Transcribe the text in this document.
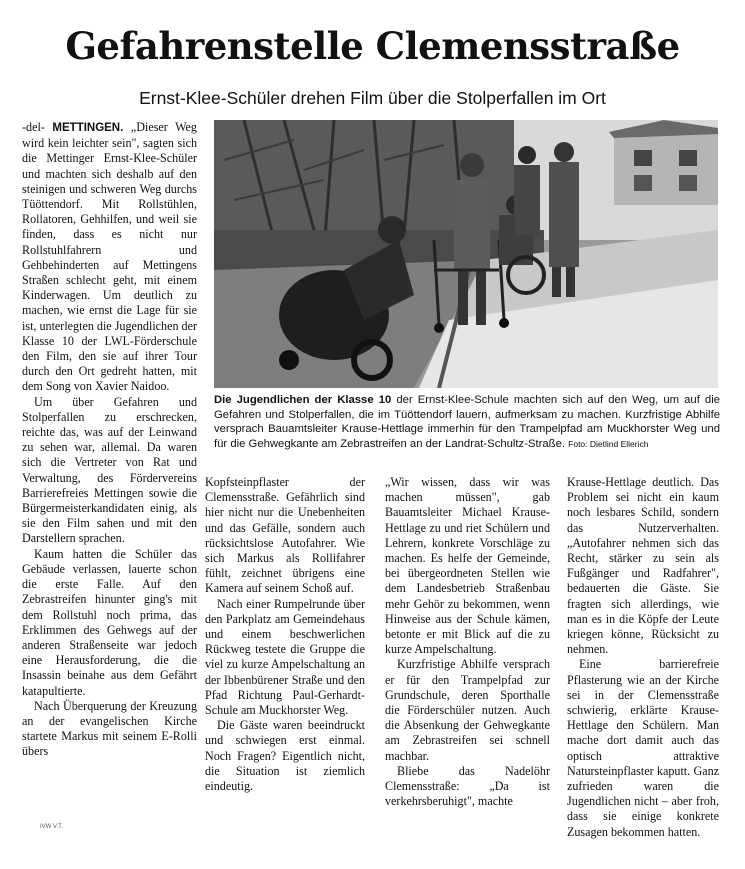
Gefahrenstelle Clemensstraße
Ernst-Klee-Schüler drehen Film über die Stolperfallen im Ort

-del- METTINGEN. „Dieser Weg wird kein leichter sein", sagten sich die Mettinger Ernst-Klee-Schüler und machten sich deshalb auf den steinigen und schweren Weg durchs Tüöttendorf. Mit Rollstühlen, Rollatoren, Gehhilfen, und weil sie finden, dass es nicht nur Rollstuhlfahrern und Gehbehinderten auf Mettingens Straßen schlecht geht, mit einem Kinderwagen. Um deutlich zu machen, wie ernst die Lage für sie ist, unterlegten die Jugendlichen der Klasse 10 der LWL-Förderschule den Film, den sie auf ihrer Tour durch den Ort gedreht hatten, mit dem Song von Xavier Naidoo.

Um über Gefahren und Stolperfallen zu erschrecken, reichte das, was auf der Leinwand zu sehen war, allemal. Da waren sich die Vertreter von Rat und Verwaltung, des Fördervereins Barrierefreies Mettingen sowie die Bürgermeisterkandidaten einig, als sie den Film sahen und mit den Darstellern sprachen.

Kaum hatten die Schüler das Gebäude verlassen, lauerte schon die erste Falle. Auf den Zebrastreifen hinunter ging's mit dem Rollstuhl noch prima, das Erklimmen des Gehwegs auf der anderen Straßenseite war jedoch eine Herausforderung, die die Insassin beinahe aus dem Gefährt katapultierte.

Nach Überquerung der Kreuzung an der evangelischen Kirche startete Markus mit seinem E-Rolli übers

Die Jugendlichen der Klasse 10 der Ernst-Klee-Schule machten sich auf den Weg, um auf die Gefahren und Stolperfallen, die im Tüöttendorf lauern, aufmerksam zu machen. Kurzfristige Abhilfe versprach Bauamtsleiter Krause-Hettlage immerhin für den Trampelpfad am Muckhorster Weg und für die Gehwegkante am Zebrastreifen an der Landrat-Schultz-Straße. Foto: Dietlind Ellerich

Kopfsteinpflaster der Clemensstraße. Gefährlich sind hier nicht nur die Unebenheiten und das Gefälle, sondern auch rücksichtslose Autofahrer. Wie sich Markus als Rollifahrer fühlt, zeichnet übrigens eine Kamera auf seinem Schoß auf.

Nach einer Rumpelrunde über den Parkplatz am Gemeindehaus und einem beschwerlichen Rückweg testete die Gruppe die viel zu kurze Ampelschaltung an der Ibbenbürener Straße und den Pfad Richtung Paul-Gerhardt-Schule am Muckhorster Weg.

Die Gäste waren beeindruckt und schwiegen erst einmal. Noch Fragen? Eigentlich nicht, die Situation ist ziemlich eindeutig.

„Wir wissen, dass wir was machen müssen", gab Bauamtsleiter Michael Krause-Hettlage zu und riet Schülern und Lehrern, konkrete Vorschläge zu machen. Es helfe der Gemeinde, bei übergeordneten Stellen wie dem Landesbetrieb Straßenbau mehr Gehör zu bekommen, wenn Hinweise aus der Schule kämen, betonte er mit Blick auf die zu kurze Ampelschaltung.

Kurzfristige Abhilfe versprach er für den Trampelpfad zur Grundschule, deren Sporthalle die Förderschüler nutzen. Auch die Absenkung der Gehwegkante am Zebrastreifen sei schnell machbar.

Bliebe das Nadelöhr Clemensstraße: „Da ist verkehrsberuhigt", machte

Krause-Hettlage deutlich. Das Problem sei nicht ein kaum noch lesbares Schild, sondern das Nutzerverhalten. „Autofahrer nehmen sich das Recht, stärker zu sein als Fußgänger und Radfahrer", bedauerten die Gäste. Sie fragten sich allerdings, wie man es in die Köpfe der Leute kriegen könne, Rücksicht zu nehmen.

Eine barrierefreie Pflasterung wie an der Kirche sei in der Clemensstraße schwierig, erklärte Krause-Hettlage den Schülern. Man mache dort damit auch das optisch attraktive Natursteinpflaster kaputt. Ganz zufrieden waren die Jugendlichen nicht – aber froh, dass sie einige konkrete Zusagen bekommen hatten.

IVW V.T.
